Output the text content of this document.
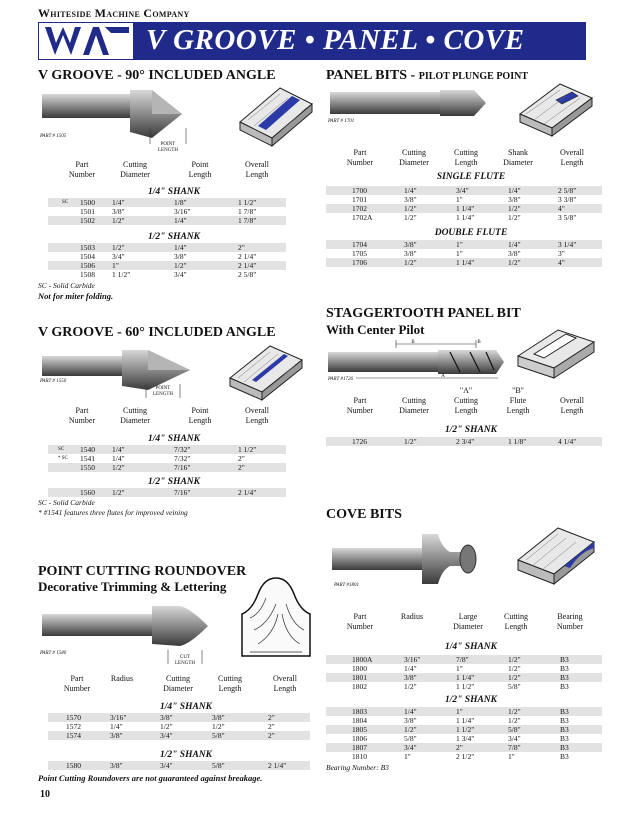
Whiteside Machine Company
V GROOVE • PANEL • COVE
V GROOVE - 90° INCLUDED ANGLE
PART # 1505
POINT
LENGTH
Part
Number
Cutting
Diameter
Point
Length
Overall
Length
1/4" SHANK
SC 1500 1/4"	1/8"	1 1/2"
1501 3/8"	3/16"	1 7/8"
1502 1/2"	1/4"	1 7/8"
1/2" SHANK
1503 1/2"	1/4"	2"
1504 3/4"	3/8"	2 1/4"
1506 1"	1/2"	2 1/4"
1508 1 1/2"	3/4"	2 5/8"
SC - Solid Carbide
Not for miter folding.
V GROOVE - 60° INCLUDED ANGLE
PART # 1550
POINT
LENGTH
Part
Number
Cutting
Diameter
Point
Length
Overall
Length
1/4" SHANK
SC 1540 1/4"	7/32"	1 1/2"
* SC 1541 1/4"	7/32"	2"
1550 1/2"	7/16"	2"
1/2" SHANK
1560 1/2"	7/16"	2 1/4"
SC - Solid Carbide
* #1541 features three flutes for improved veining
POINT CUTTING ROUNDOVER
Decorative Trimming & Lettering
PART # 1580
CUT
LENGTH
Part
Number
Radius	Cutting
Diameter
Cutting
Length
Overall
Length
1/4" SHANK
1570	3/16"	3/8"	3/8"	2"
1572	1/4"	1/2"	1/2"	2"
1574	3/8"	3/4"	5/8"	2"
1/2" SHANK
1580	3/8"	3/4"	5/8"	2 1/4"
Point Cutting Roundovers are not guaranteed against breakage.
PANEL BITS - PILOT PLUNGE POINT
PART # 1701
Part
Number
Cutting
Diameter
Cutting
Length
Shank
Diameter
Overall
Length
SINGLE FLUTE
1700	1/4"	3/4"	1/4"	2 5/8"
1701	3/8"	1"	3/8"	3 3/8"
1702	1/2"	1 1/4"	1/2"	4"
1702A	1/2"	1 1/4"	1/2"	3 5/8"
DOUBLE FLUTE
1704	3/8"	1"	1/4"	3 1/4"
1705	3/8"	1"	3/8"	3"
1706	1/2"	1 1/4"	1/2"	4"
STAGGERTOOTH PANEL BIT
With Center Pilot
B	B
A
PART #1726
Part
Number
Cutting
Diameter
"A"
Cutting
Length
"B"
Flute
Length
Overall
Length
1/2" SHANK
1726	1/2"	2 3/4"	1 1/8"	4 1/4"
COVE BITS
PART #1801
Part
Number
Radius	Large
Diameter
Cutting
Length
Bearing
Number
1/4" SHANK
1800A	3/16"	7/8"	1/2"	B3
1800	1/4"	1"	1/2"	B3
1801	3/8"	1 1/4"	1/2"	B3
1802	1/2"	1 1/2"	5/8"	B3
1/2" SHANK
1803	1/4"	1"	1/2"	B3
1804	3/8"	1 1/4"	1/2"	B3
1805	1/2"	1 1/2"	5/8"	B3
1806	5/8"	1 3/4"	3/4"	B3
1807	3/4"	2"	7/8"	B3
1810	1"	2 1/2"	1"	B3
Bearing Number: B3
10
